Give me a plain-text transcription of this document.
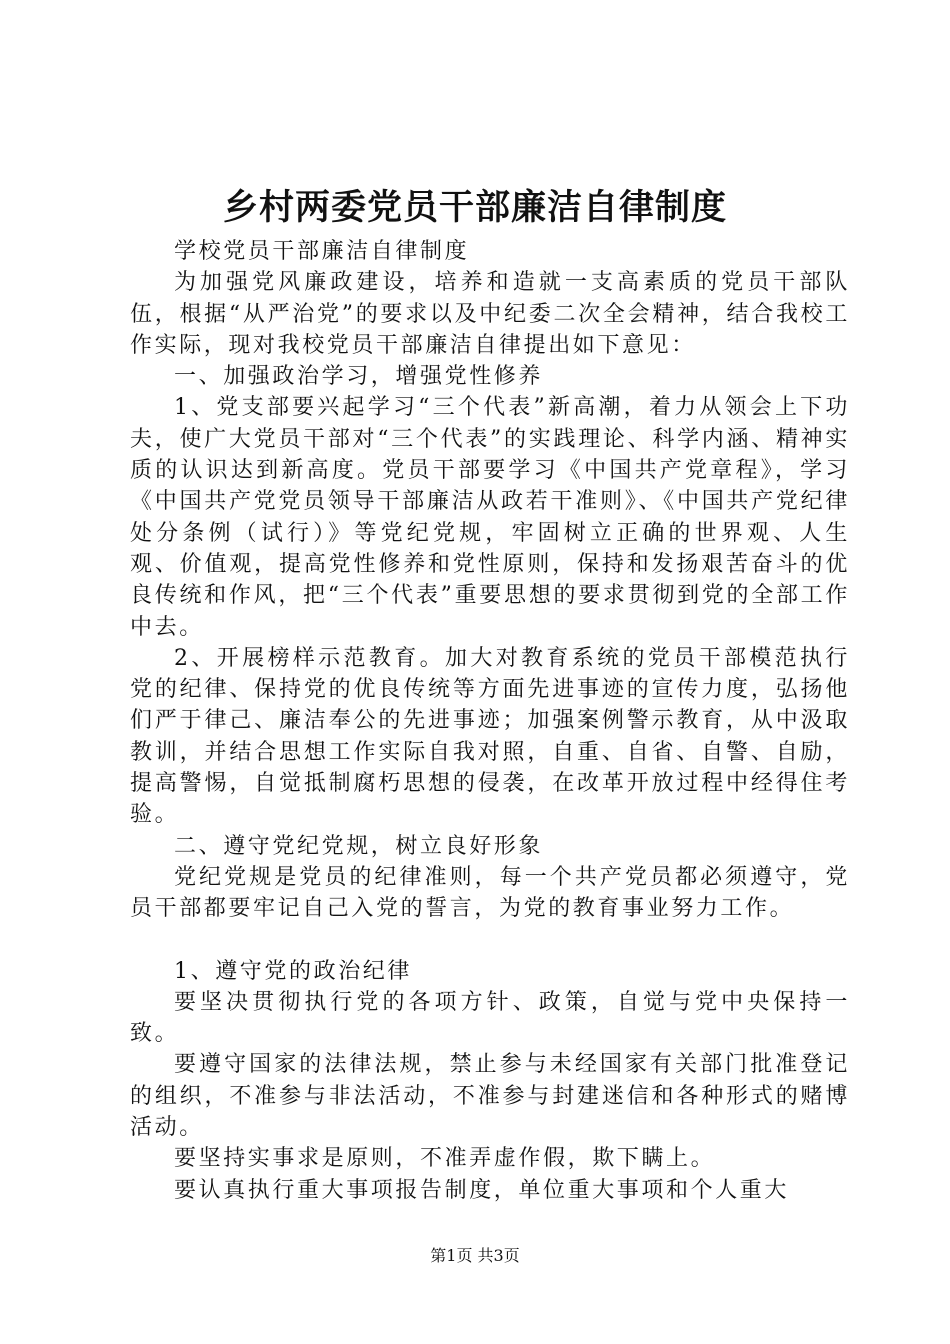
乡村两委党员干部廉洁自律制度

学校党员干部廉洁自律制度

为加强党风廉政建设，培养和造就一支高素质的党员干部队伍，根据“从严治党”的要求以及中纪委二次全会精神，结合我校工作实际，现对我校党员干部廉洁自律提出如下意见：

一、加强政治学习，增强党性修养

1、党支部要兴起学习“三个代表”新高潮，着力从领会上下功夫，使广大党员干部对“三个代表”的实践理论、科学内涵、精神实质的认识达到新高度。党员干部要学习《中国共产党章程》，学习《中国共产党党员领导干部廉洁从政若干准则》、《中国共产党纪律处分条例（试行）》等党纪党规，牢固树立正确的世界观、人生观、价值观，提高党性修养和党性原则，保持和发扬艰苦奋斗的优良传统和作风，把“三个代表”重要思想的要求贯彻到党的全部工作中去。

2、开展榜样示范教育。加大对教育系统的党员干部模范执行党的纪律、保持党的优良传统等方面先进事迹的宣传力度，弘扬他们严于律己、廉洁奉公的先进事迹；加强案例警示教育，从中汲取教训，并结合思想工作实际自我对照，自重、自省、自警、自励，提高警惕，自觉抵制腐朽思想的侵袭，在改革开放过程中经得住考验。

二、遵守党纪党规，树立良好形象

党纪党规是党员的纪律准则，每一个共产党员都必须遵守，党员干部都要牢记自己入党的誓言，为党的教育事业努力工作。

1、遵守党的政治纪律

要坚决贯彻执行党的各项方针、政策，自觉与党中央保持一致。

要遵守国家的法律法规，禁止参与未经国家有关部门批准登记的组织，不准参与非法活动，不准参与封建迷信和各种形式的赌博活动。

要坚持实事求是原则，不准弄虚作假，欺下瞒上。

要认真执行重大事项报告制度，单位重大事项和个人重大

第1页 共3页
